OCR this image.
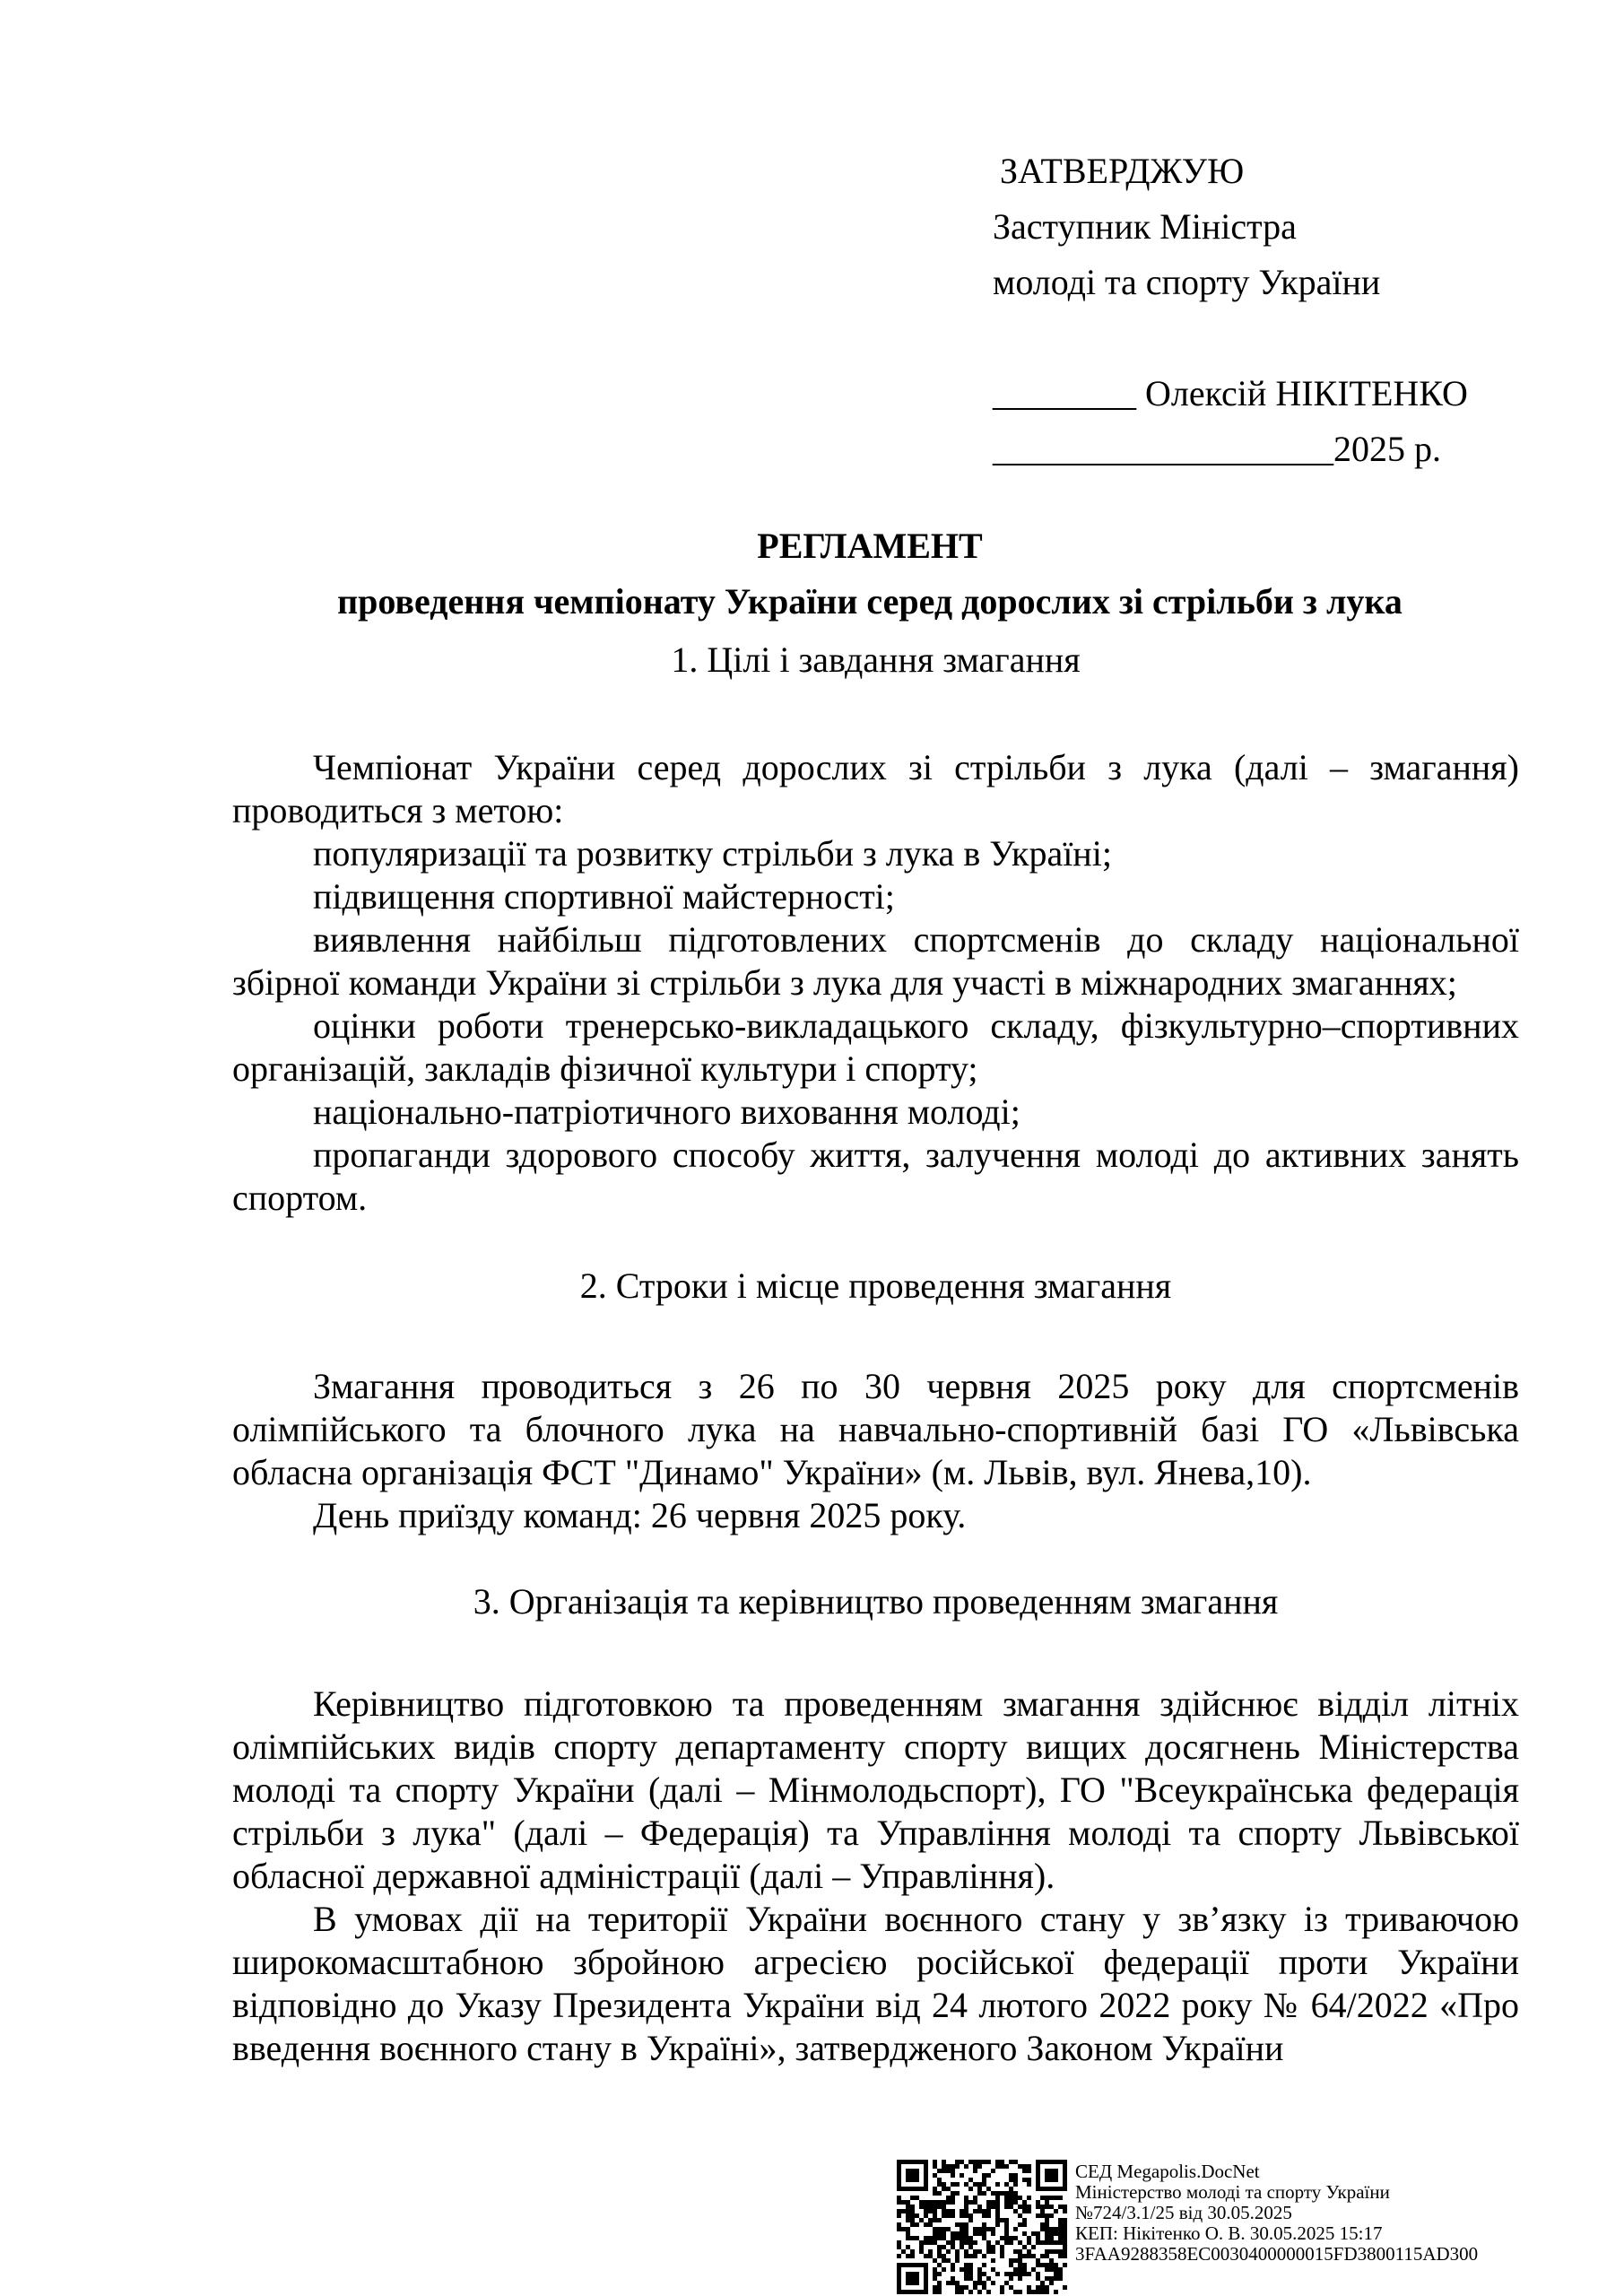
ЗАТВЕРДЖУЮ
Заступник Міністра
молоді та спорту України
________ Олексій НІКІТЕНКО
___________________2025 р.
РЕГЛАМЕНТ
проведення чемпіонату України серед дорослих зі стрільби з лука

1. Цілі і завдання змагання

Чемпіонат України серед дорослих зі стрільби з лука (далі – змагання) проводиться з метою:

популяризації та розвитку стрільби з лука в Україні;

підвищення спортивної майстерності;

виявлення найбільш підготовлених спортсменів до складу національної збірної команди України зі стрільби з лука для участі в міжнародних змаганнях;

оцінки роботи тренерсько-викладацького складу, фізкультурно–спортивних організацій, закладів фізичної культури і спорту;

національно-патріотичного виховання молоді;

пропаганди здорового способу життя, залучення молоді до активних занять спортом.

2. Строки і місце проведення змагання

Змагання проводиться з 26 по 30 червня 2025 року для спортсменів олімпійського та блочного лука на навчально-спортивній базі ГО «Львівська обласна організація ФСТ "Динамо" України» (м. Львів, вул. Янева,10).

День приїзду команд: 26 червня 2025 року.

3. Організація та керівництво проведенням змагання

Керівництво підготовкою та проведенням змагання здійснює відділ літніх олімпійських видів спорту департаменту спорту вищих досягнень Міністерства молоді та спорту України (далі – Мінмолодьспорт), ГО "Всеукраїнська федерація стрільби з лука" (далі – Федерація) та Управління молоді та спорту Львівської обласної державної адміністрації (далі – Управління).

В умовах дії на території України воєнного стану у зв’язку із триваючою широкомасштабною збройною агресією російської федерації проти України відповідно до Указу Президента України від 24 лютого 2022 року № 64/2022 «Про введення воєнного стану в Україні», затвердженого Законом України

СЕД Megapolis.DocNet
Міністерство молоді та спорту України
№724/3.1/25 від 30.05.2025
КЕП: Нікітенко О. В. 30.05.2025 15:17
3FAA9288358EC0030400000015FD3800115AD300
